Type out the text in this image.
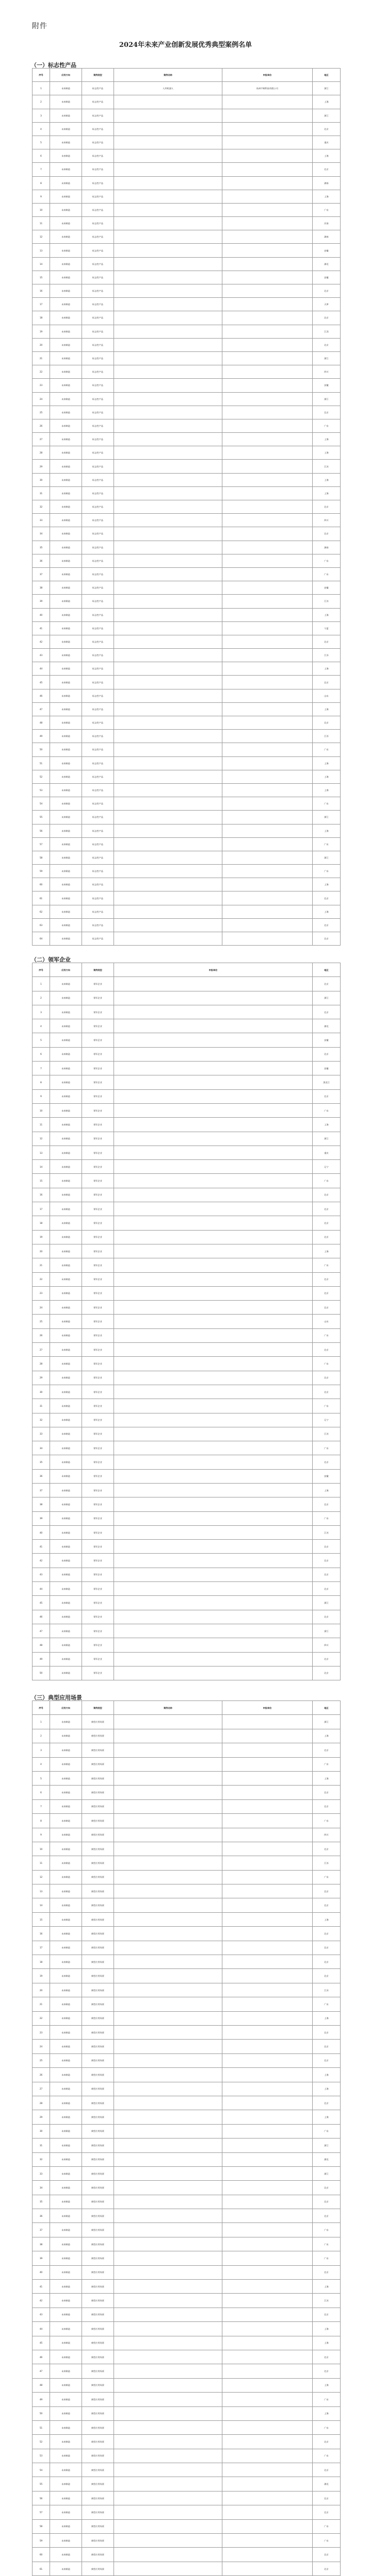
附件
2024年未来产业创新发展优秀典型案例名单
（一）标志性产品
序号	应用方向	案例类型	案例名称	申报单位	地区
1	未来制造	标志性产品	人形机器人	杭州宇树科技有限公司	浙江
2	未来制造	标志性产品			上海
3	未来制造	标志性产品			浙江
4	未来制造	标志性产品			北京
5	未来制造	标志性产品			重庆
6	未来制造	标志性产品			上海
7	未来制造	标志性产品			北京
8	未来制造	标志性产品			湖南
9	未来制造	标志性产品			上海
10	未来制造	标志性产品			广东
11	未来制造	标志性产品			河南
12	未来制造	标志性产品			湖南
13	未来制造	标志性产品			安徽
14	未来制造	标志性产品			湖北
15	未来制造	标志性产品			安徽
16	未来制造	标志性产品			北京
17	未来制造	标志性产品			天津
18	未来制造	标志性产品			北京
19	未来制造	标志性产品			江西
20	未来制造	标志性产品			北京
21	未来制造	标志性产品			浙江
22	未来制造	标志性产品			四川
23	未来制造	标志性产品			安徽
24	未来制造	标志性产品			浙江
25	未来制造	标志性产品			北京
26	未来制造	标志性产品			广东
27	未来制造	标志性产品			上海
28	未来制造	标志性产品			上海
29	未来制造	标志性产品			江苏
30	未来制造	标志性产品			上海
31	未来制造	标志性产品			上海
32	未来制造	标志性产品			北京
33	未来制造	标志性产品			四川
34	未来制造	标志性产品			北京
35	未来制造	标志性产品			湖南
36	未来制造	标志性产品			广东
37	未来制造	标志性产品			广东
38	未来制造	标志性产品			安徽
39	未来制造	标志性产品			江苏
40	未来制造	标志性产品			上海
41	未来制造	标志性产品			宁夏
42	未来制造	标志性产品			北京
43	未来制造	标志性产品			江苏
44	未来制造	标志性产品			上海
45	未来制造	标志性产品			北京
46	未来制造	标志性产品			山东
47	未来制造	标志性产品			上海
48	未来制造	标志性产品			北京
49	未来制造	标志性产品			江苏
50	未来制造	标志性产品			广东
51	未来制造	标志性产品			上海
52	未来制造	标志性产品			上海
53	未来制造	标志性产品			上海
54	未来制造	标志性产品			广东
55	未来制造	标志性产品			浙江
56	未来制造	标志性产品			上海
57	未来制造	标志性产品			广东
58	未来制造	标志性产品			浙江
59	未来制造	标志性产品			广东
60	未来制造	标志性产品			上海
61	未来制造	标志性产品			北京
62	未来制造	标志性产品			上海
63	未来制造	标志性产品			北京
64	未来制造	标志性产品			北京
（二）领军企业
序号	应用方向	案例类型	申报单位	地区
1	未来制造	领军企业		北京
2	未来制造	领军企业		浙江
3	未来制造	领军企业		北京
4	未来制造	领军企业		湖北
5	未来制造	领军企业		安徽
6	未来制造	领军企业		北京
7	未来制造	领军企业		安徽
8	未来制造	领军企业		黑龙江
9	未来制造	领军企业		北京
10	未来制造	领军企业		广东
11	未来制造	领军企业		上海
12	未来制造	领军企业		浙江
13	未来制造	领军企业		重庆
14	未来制造	领军企业		辽宁
15	未来制造	领军企业		广东
16	未来制造	领军企业		北京
17	未来制造	领军企业		北京
18	未来制造	领军企业		北京
19	未来制造	领军企业		北京
20	未来制造	领军企业		上海
21	未来制造	领军企业		广东
22	未来制造	领军企业		北京
23	未来制造	领军企业		北京
24	未来制造	领军企业		北京
25	未来制造	领军企业		山东
26	未来制造	领军企业		广东
27	未来制造	领军企业		北京
28	未来制造	领军企业		广东
29	未来制造	领军企业		北京
30	未来制造	领军企业		北京
31	未来制造	领军企业		广东
32	未来制造	领军企业		辽宁
33	未来制造	领军企业		江苏
34	未来制造	领军企业		广东
35	未来制造	领军企业		北京
36	未来制造	领军企业		安徽
37	未来制造	领军企业		上海
38	未来制造	领军企业		北京
39	未来制造	领军企业		广东
40	未来制造	领军企业		江苏
41	未来制造	领军企业		北京
42	未来制造	领军企业		北京
43	未来制造	领军企业		北京
44	未来制造	领军企业		北京
45	未来制造	领军企业		浙江
46	未来制造	领军企业		北京
47	未来制造	领军企业		浙江
48	未来制造	领军企业		四川
49	未来制造	领军企业		北京
50	未来制造	领军企业		北京
（三）典型应用场景
序号	应用方向	案例类型	案例名称	申报单位	地区
1	未来制造	典型应用场景			浙江
2	未来制造	典型应用场景			上海
3	未来制造	典型应用场景			北京
4	未来制造	典型应用场景			广东
5	未来制造	典型应用场景			上海
6	未来制造	典型应用场景			北京
7	未来制造	典型应用场景			北京
8	未来制造	典型应用场景			广东
9	未来制造	典型应用场景			四川
10	未来制造	典型应用场景			北京
11	未来制造	典型应用场景			江苏
12	未来制造	典型应用场景			广东
13	未来制造	典型应用场景			北京
14	未来制造	典型应用场景			北京
15	未来制造	典型应用场景			上海
16	未来制造	典型应用场景			北京
17	未来制造	典型应用场景			北京
18	未来制造	典型应用场景			北京
19	未来制造	典型应用场景			北京
20	未来制造	典型应用场景			江苏
21	未来制造	典型应用场景			广东
22	未来制造	典型应用场景			上海
23	未来制造	典型应用场景			北京
24	未来制造	典型应用场景			北京
25	未来制造	典型应用场景			北京
26	未来制造	典型应用场景			上海
27	未来制造	典型应用场景			上海
28	未来制造	典型应用场景			北京
29	未来制造	典型应用场景			上海
30	未来制造	典型应用场景			广东
31	未来制造	典型应用场景			浙江
32	未来制造	典型应用场景			湖北
33	未来制造	典型应用场景			浙江
34	未来制造	典型应用场景			北京
35	未来制造	典型应用场景			北京
36	未来制造	典型应用场景			北京
37	未来制造	典型应用场景			广东
38	未来制造	典型应用场景			广东
39	未来制造	典型应用场景			广东
40	未来制造	典型应用场景			北京
41	未来制造	典型应用场景			上海
42	未来制造	典型应用场景			江苏
43	未来制造	典型应用场景			北京
44	未来制造	典型应用场景			上海
45	未来制造	典型应用场景			上海
46	未来制造	典型应用场景			北京
47	未来制造	典型应用场景			北京
48	未来制造	典型应用场景			上海
49	未来制造	典型应用场景			广东
50	未来制造	典型应用场景			上海
51	未来制造	典型应用场景			广东
52	未来制造	典型应用场景			北京
53	未来制造	典型应用场景			广东
54	未来制造	典型应用场景			北京
55	未来制造	典型应用场景			湖北
56	未来制造	典型应用场景			北京
57	未来制造	典型应用场景			北京
58	未来制造	典型应用场景			广东
59	未来制造	典型应用场景			广东
60	未来制造	典型应用场景			北京
61	未来制造	典型应用场景			北京
